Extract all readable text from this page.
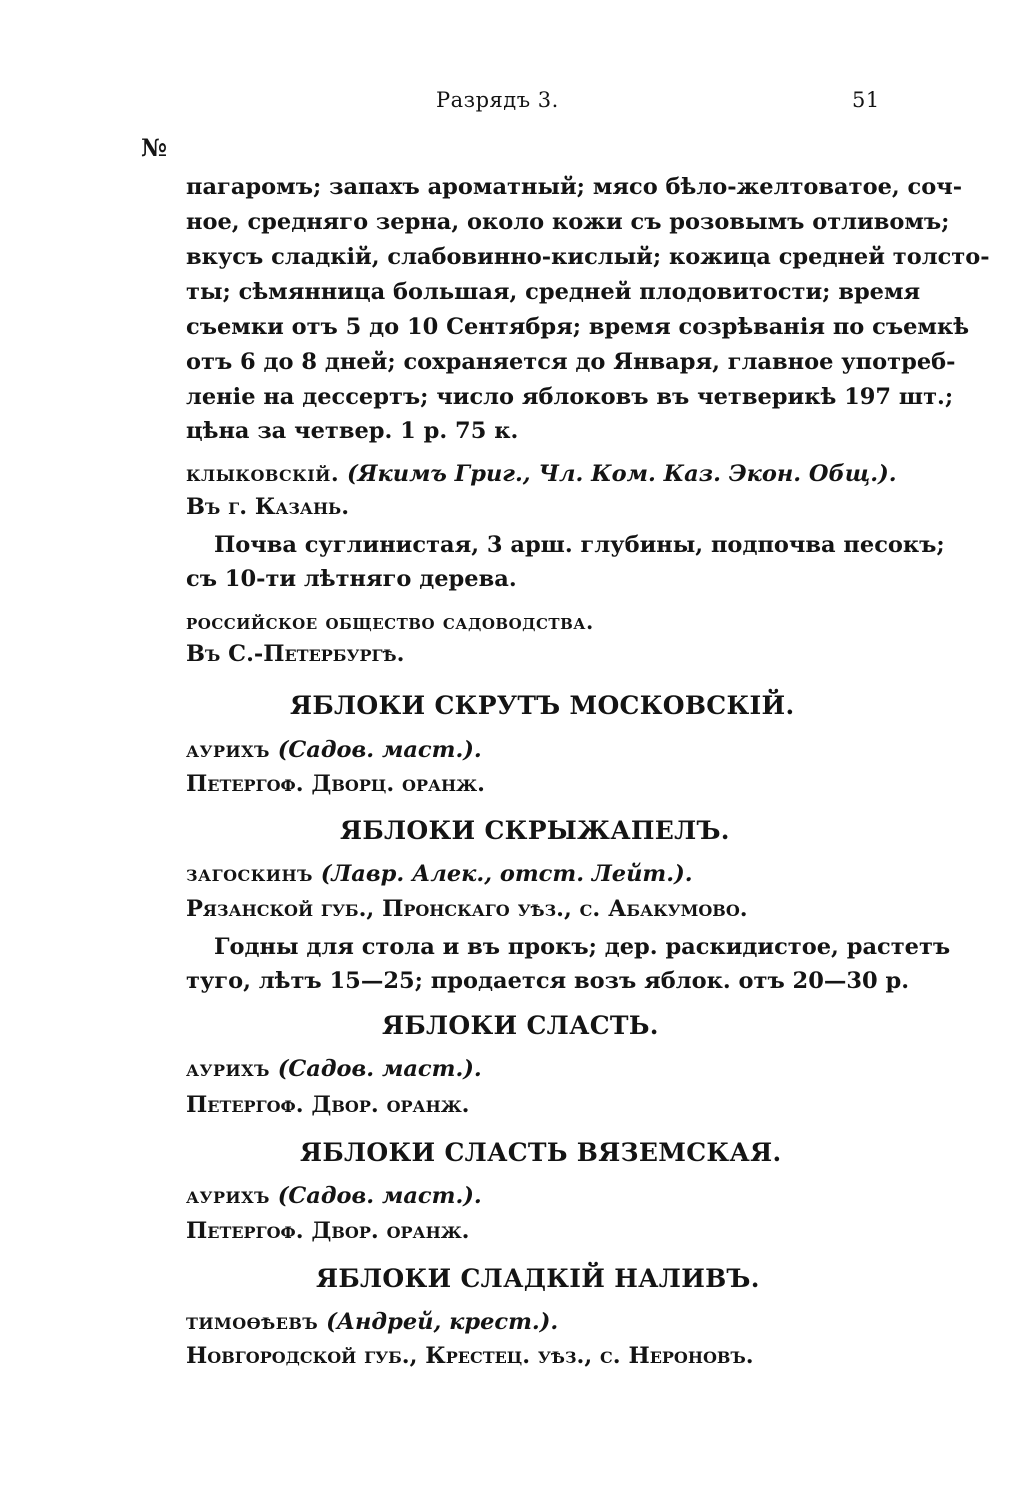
Разрядъ 3.	51
№
пагаромъ; запахъ ароматный; мясо бѣло-желтоватое, соч-
ное, средняго зерна, около кожи съ розовымъ отливомъ;
вкусъ сладкій, слабовинно-кислый; кожица средней толсто-
ты; сѣмянница большая, средней плодовитости; время
съемки отъ 5 до 10 Сентября; время созрѣванія по съемкѣ
отъ 6 до 8 дней; сохраняется до Января, главное употреб-
леніе на дессертъ; число яблоковъ въ четверикѣ 197 шт.;
цѣна за четвер. 1 р. 75 к.
клыковскій. (Якимъ Григ., Чл. Ком. Каз. Экон. Общ.).
Въ г. Казань.
Почва суглинистая, 3 арш. глубины, подпочва песокъ;
съ 10-ти лѣтняго дерева.
российское общество садоводства.
Въ С.-Петербургѣ.
ЯБЛОКИ СКРУТЪ МОСКОВСКІЙ.
аурихъ (Садов. маст.).
Петергоф. Дворц. оранж.
ЯБЛОКИ СКРЫЖАПЕЛЪ.
загоскинъ (Лавр. Алек., отст. Лейт.).
Рязанской губ., Пронскаго уѣз., с. Абакумово.
Годны для стола и въ прокъ; дер. раскидистое, растетъ
туго, лѣтъ 15—25; продается возъ яблок. отъ 20—30 р.
ЯБЛОКИ СЛАСТЬ.
аурихъ (Садов. маст.).
Петергоф. Двор. оранж.
ЯБЛОКИ СЛАСТЬ ВЯЗЕМСКАЯ.
аурихъ (Садов. маст.).
Петергоф. Двор. оранж.
ЯБЛОКИ СЛАДКІЙ НАЛИВЪ.
тимоѳѣевъ (Андрей, крест.).
Новгородской губ., Крестец. уѣз., с. Нероновъ.
